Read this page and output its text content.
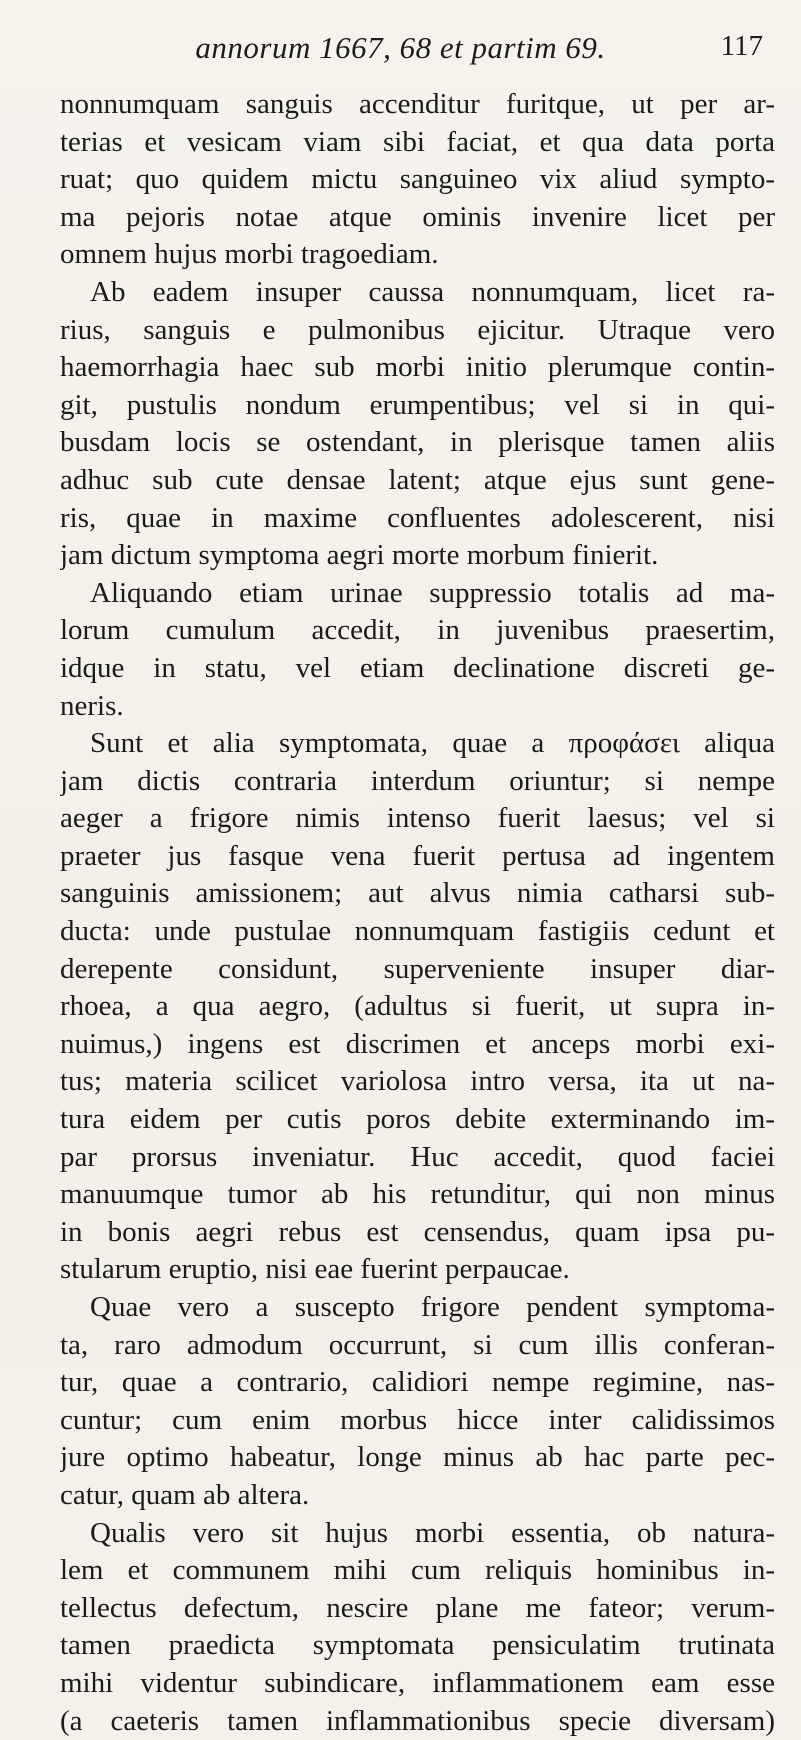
annorum 1667, 68 et partim 69.	117
nonnumquam sanguis accenditur furitque, ut per ar-
terias et vesicam viam sibi faciat, et qua data porta
ruat; quo quidem mictu sanguineo vix aliud sympto-
ma pejoris notae atque ominis invenire licet per
omnem hujus morbi tragoediam.
Ab eadem insuper caussa nonnumquam, licet ra-
rius, sanguis e pulmonibus ejicitur. Utraque vero
haemorrhagia haec sub morbi initio plerumque contin-
git, pustulis nondum erumpentibus; vel si in qui-
busdam locis se ostendant, in plerisque tamen aliis
adhuc sub cute densae latent; atque ejus sunt gene-
ris, quae in maxime confluentes adolescerent, nisi
jam dictum symptoma aegri morte morbum finierit.
Aliquando etiam urinae suppressio totalis ad ma-
lorum cumulum accedit, in juvenibus praesertim,
idque in statu, vel etiam declinatione discreti ge-
neris.
Sunt et alia symptomata, quae a προφάσει aliqua
jam dictis contraria interdum oriuntur; si nempe
aeger a frigore nimis intenso fuerit laesus; vel si
praeter jus fasque vena fuerit pertusa ad ingentem
sanguinis amissionem; aut alvus nimia catharsi sub-
ducta: unde pustulae nonnumquam fastigiis cedunt et
derepente considunt, superveniente insuper diar-
rhoea, a qua aegro, (adultus si fuerit, ut supra in-
nuimus,) ingens est discrimen et anceps morbi exi-
tus; materia scilicet variolosa intro versa, ita ut na-
tura eidem per cutis poros debite exterminando im-
par prorsus inveniatur. Huc accedit, quod faciei
manuumque tumor ab his retunditur, qui non minus
in bonis aegri rebus est censendus, quam ipsa pu-
stularum eruptio, nisi eae fuerint perpaucae.
Quae vero a suscepto frigore pendent symptoma-
ta, raro admodum occurrunt, si cum illis conferan-
tur, quae a contrario, calidiori nempe regimine, nas-
cuntur; cum enim morbus hicce inter calidissimos
jure optimo habeatur, longe minus ab hac parte pec-
catur, quam ab altera.
Qualis vero sit hujus morbi essentia, ob natura-
lem et communem mihi cum reliquis hominibus in-
tellectus defectum, nescire plane me fateor; verum-
tamen praedicta symptomata pensiculatim trutinata
mihi videntur subindicare, inflammationem eam esse
(a caeteris tamen inflammationibus specie diversam)
